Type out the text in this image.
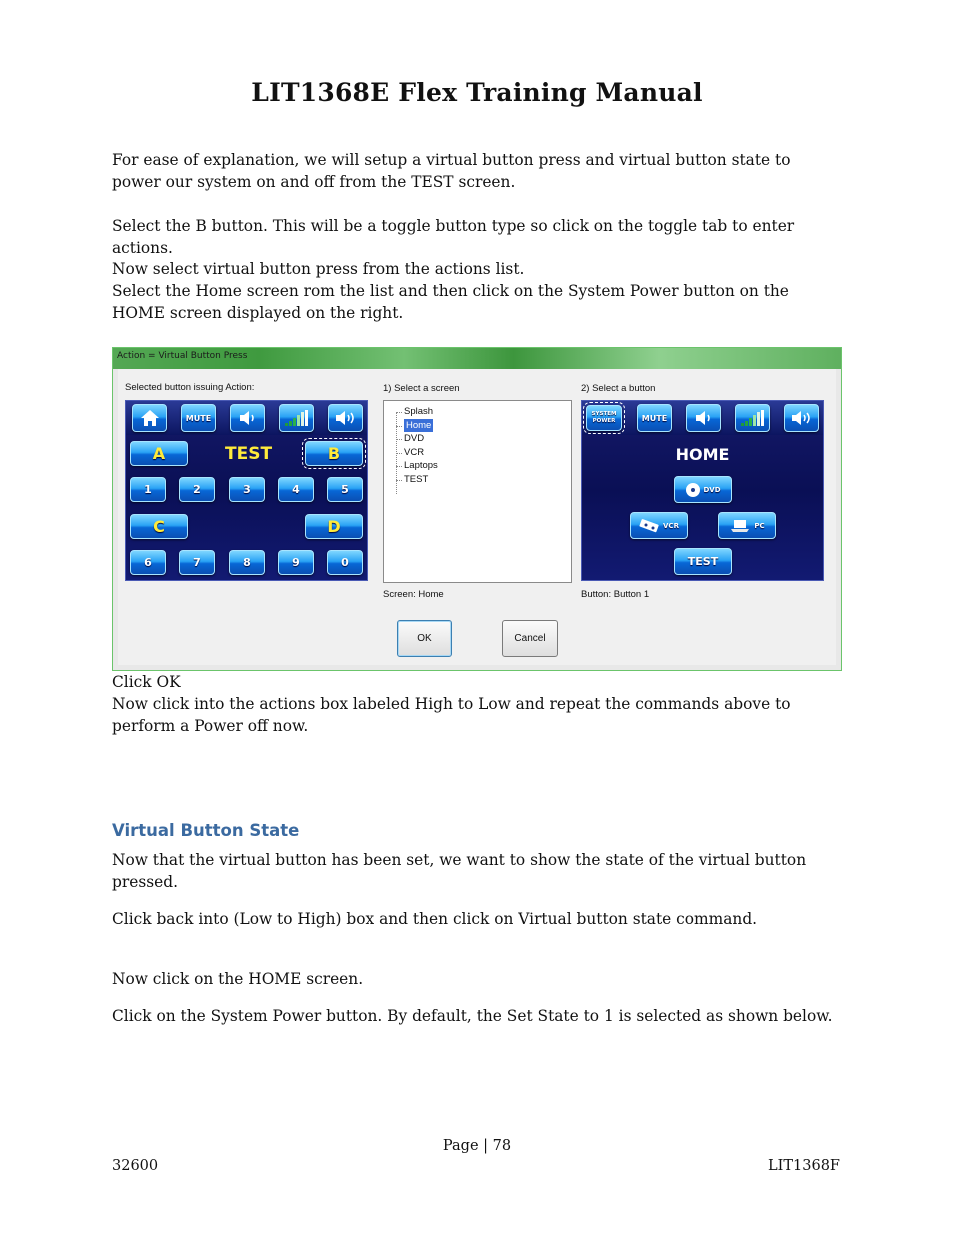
LIT1368E Flex Training Manual
For ease of explanation, we will setup a virtual button press and virtual button state to power our system on and off from the TEST screen.
Select the B button. This will be a toggle button type so click on the toggle tab to enter actions.
Now select virtual button press from the actions list.
Select the Home screen rom the list and then click on the System Power button on the HOME screen displayed on the right.
Action = Virtual Button Press
Selected button issuing Action:	1) Select a screen	2) Select a button
MUTE
A	TEST	B
1	2	3	4	5
C	D
6	7	8	9	0
Splash
Home
DVD
VCR
Laptops
TEST
Screen: Home
SYSTEM
POWER	MUTE
HOME
DVD
VCR	PC
TEST
Button: Button 1
OK	Cancel
Click OK
Now click into the actions box labeled High to Low and repeat the commands above to perform a Power off now.
Virtual Button State
Now that the virtual button has been set, we want to show the state of the virtual button pressed.
Click back into (Low to High) box and then click on Virtual button state command.
Now click on the HOME screen.
Click on the System Power button. By default, the Set State to 1 is selected as shown below.
Page | 78
32600	LIT1368F
